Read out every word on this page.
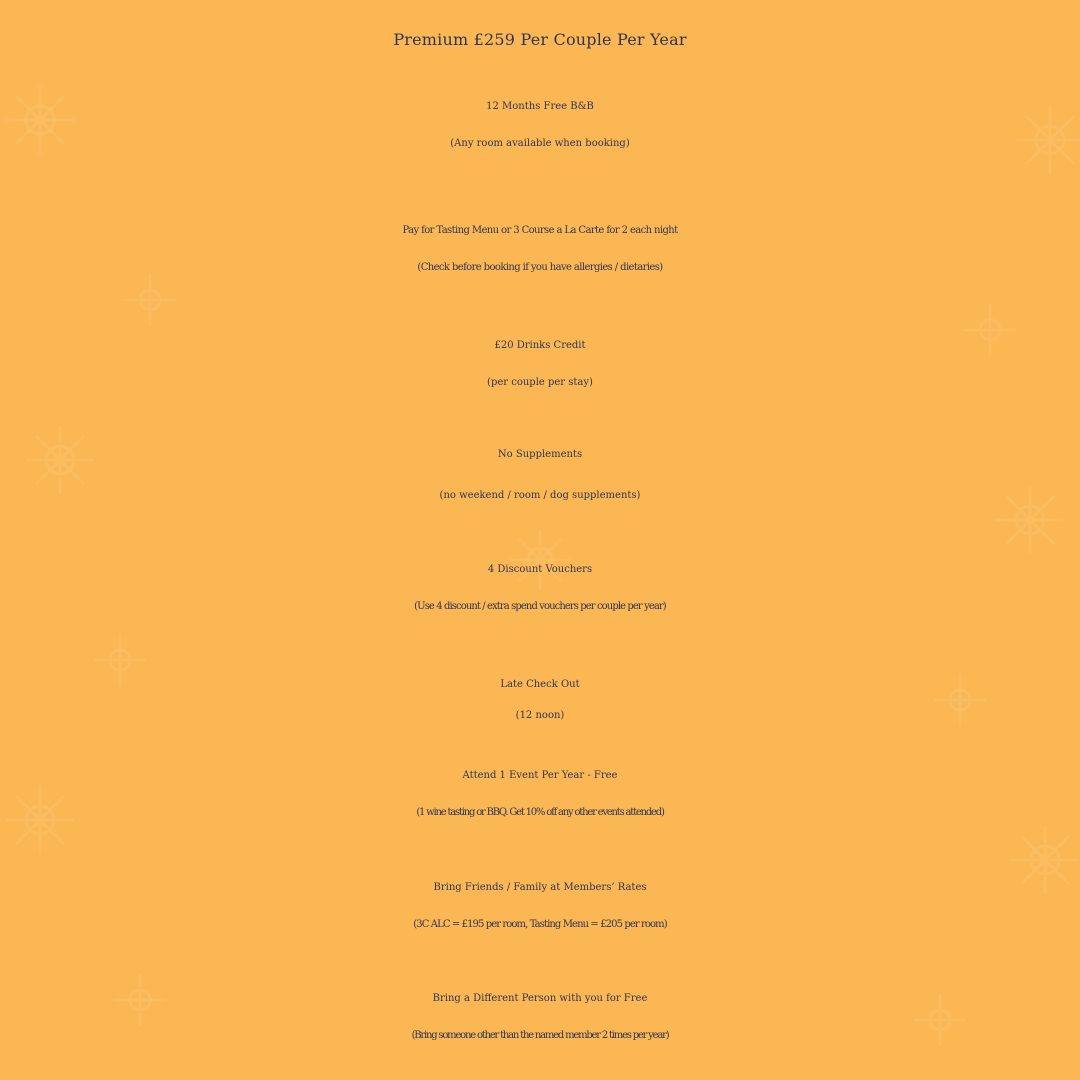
Premium £259 Per Couple Per Year
12 Months Free B&B
(Any room available when booking)
Pay for Tasting Menu or 3 Course a La Carte for 2 each night
(Check before booking if you have allergies / dietaries)
£20 Drinks Credit
(per couple per stay)
No Supplements
(no weekend / room / dog supplements)
4 Discount Vouchers
(Use 4 discount / extra spend vouchers per couple per year)
Late Check Out
(12 noon)
Attend 1 Event Per Year - Free
(1 wine tasting or BBQ. Get 10% off any other events attended)
Bring Friends / Family at Members’ Rates
(3C ALC = £195 per room, Tasting Menu = £205 per room)
Bring a Different Person with you for Free
(Bring someone other than the named member 2 times per year)
